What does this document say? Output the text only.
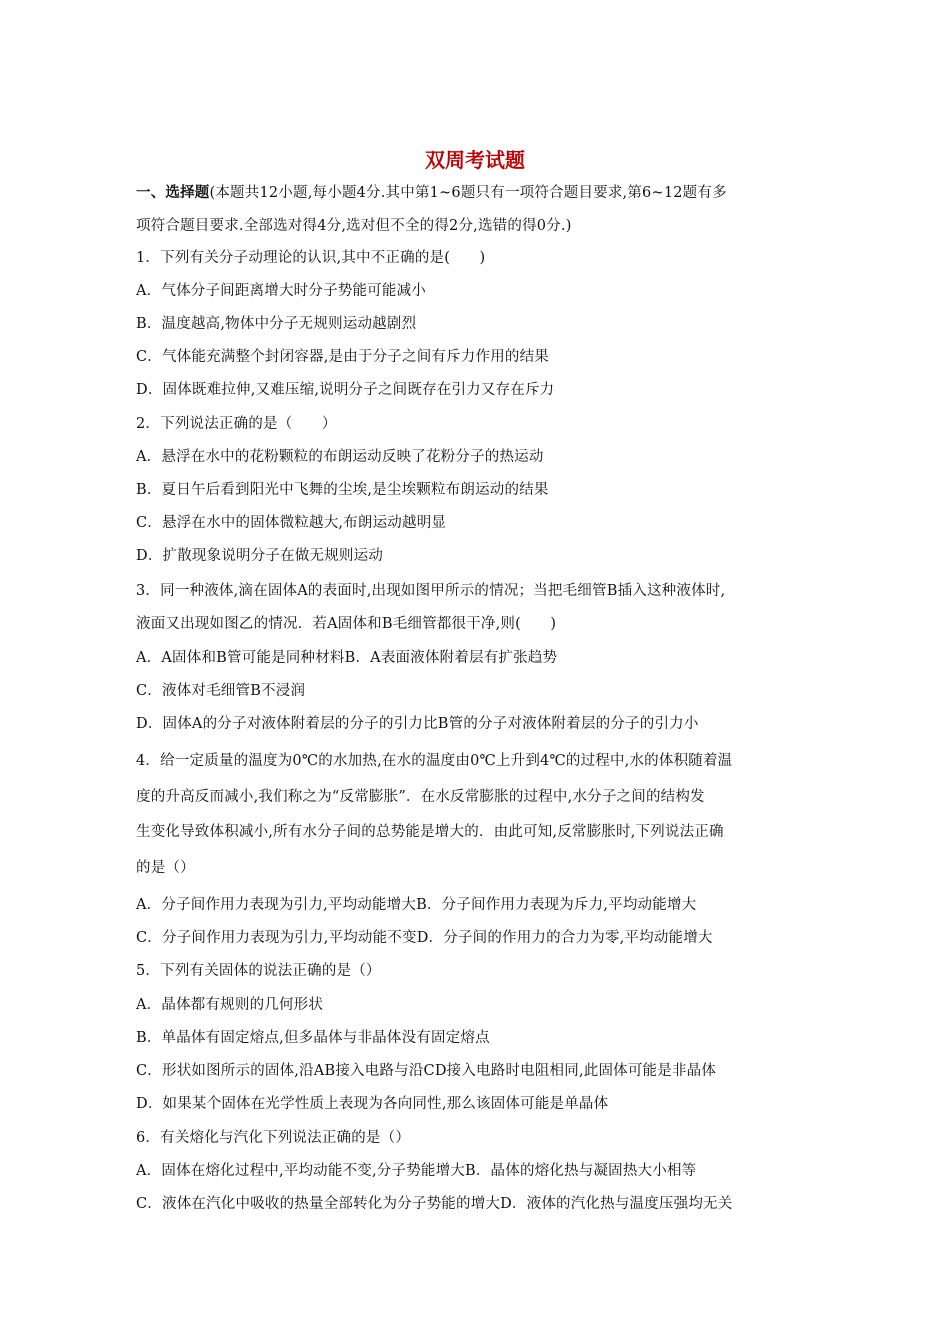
双周考试题
一、选择题(本题共12小题,每小题4分.其中第1~6题只有一项符合题目要求,第6~12题有多
项符合题目要求.全部选对得4分,选对但不全的得2分,选错的得0分.)
1．下列有关分子动理论的认识,其中不正确的是(　　)
A．气体分子间距离增大时分子势能可能减小
B．温度越高,物体中分子无规则运动越剧烈
C．气体能充满整个封闭容器,是由于分子之间有斥力作用的结果
D．固体既难拉伸,又难压缩,说明分子之间既存在引力又存在斥力
2．下列说法正确的是（　　）
A．悬浮在水中的花粉颗粒的布朗运动反映了花粉分子的热运动
B．夏日午后看到阳光中飞舞的尘埃,是尘埃颗粒布朗运动的结果
C．悬浮在水中的固体微粒越大,布朗运动越明显
D．扩散现象说明分子在做无规则运动
3．同一种液体,滴在固体A的表面时,出现如图甲所示的情况；当把毛细管B插入这种液体时,
液面又出现如图乙的情况．若A固体和B毛细管都很干净,则(　　)
A．A固体和B管可能是同种材料B．A表面液体附着层有扩张趋势
C．液体对毛细管B不浸润
D．固体A的分子对液体附着层的分子的引力比B管的分子对液体附着层的分子的引力小
4．给一定质量的温度为0℃的水加热,在水的温度由0℃上升到4℃的过程中,水的体积随着温
度的升高反而减小,我们称之为“反常膨胀”．在水反常膨胀的过程中,水分子之间的结构发
生变化导致体积减小,所有水分子间的总势能是增大的．由此可知,反常膨胀时,下列说法正确
的是（）
A．分子间作用力表现为引力,平均动能增大B．分子间作用力表现为斥力,平均动能增大
C．分子间作用力表现为引力,平均动能不变D．分子间的作用力的合力为零,平均动能增大
5．下列有关固体的说法正确的是（）
A．晶体都有规则的几何形状
B．单晶体有固定熔点,但多晶体与非晶体没有固定熔点
C．形状如图所示的固体,沿AB接入电路与沿CD接入电路时电阻相同,此固体可能是非晶体
D．如果某个固体在光学性质上表现为各向同性,那么该固体可能是单晶体
6．有关熔化与汽化下列说法正确的是（）
A．固体在熔化过程中,平均动能不变,分子势能增大B．晶体的熔化热与凝固热大小相等
C．液体在汽化中吸收的热量全部转化为分子势能的增大D．液体的汽化热与温度压强均无关
